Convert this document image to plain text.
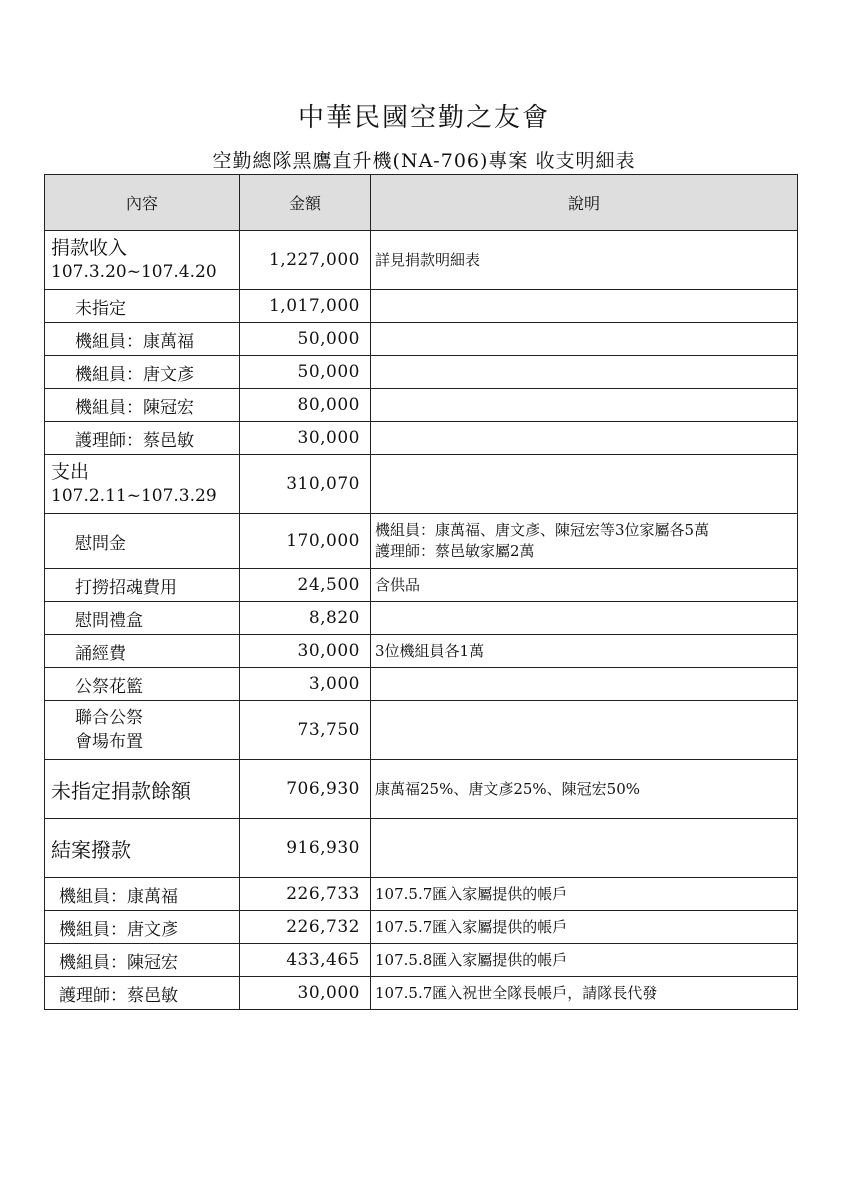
中華民國空勤之友會
空勤總隊黑鷹直升機(NA-706)專案 收支明細表
內容	金額	說明

捐款收入
107.3.20~107.4.20	1,227,000	詳見捐款明細表
未指定	1,017,000	
機組員：康萬福	50,000	
機組員：唐文彥	50,000	
機組員：陳冠宏	80,000	
護理師：蔡邑敏	30,000	

支出
107.2.11~107.3.29	310,070	
慰問金	170,000	機組員：康萬福、唐文彥、陳冠宏等3位家屬各5萬
護理師：蔡邑敏家屬2萬

打撈招魂費用	24,500	含供品
慰問禮盒	8,820	
誦經費	30,000	3位機組員各1萬
公祭花籃	3,000	

聯合公祭
會場布置	73,750	
未指定捐款餘額	706,930	康萬福25%、唐文彥25%、陳冠宏50%
結案撥款	916,930	
機組員：康萬福	226,733	107.5.7匯入家屬提供的帳戶
機組員：唐文彥	226,732	107.5.7匯入家屬提供的帳戶
機組員：陳冠宏	433,465	107.5.8匯入家屬提供的帳戶
護理師：蔡邑敏	30,000	107.5.7匯入祝世全隊長帳戶，請隊長代發
